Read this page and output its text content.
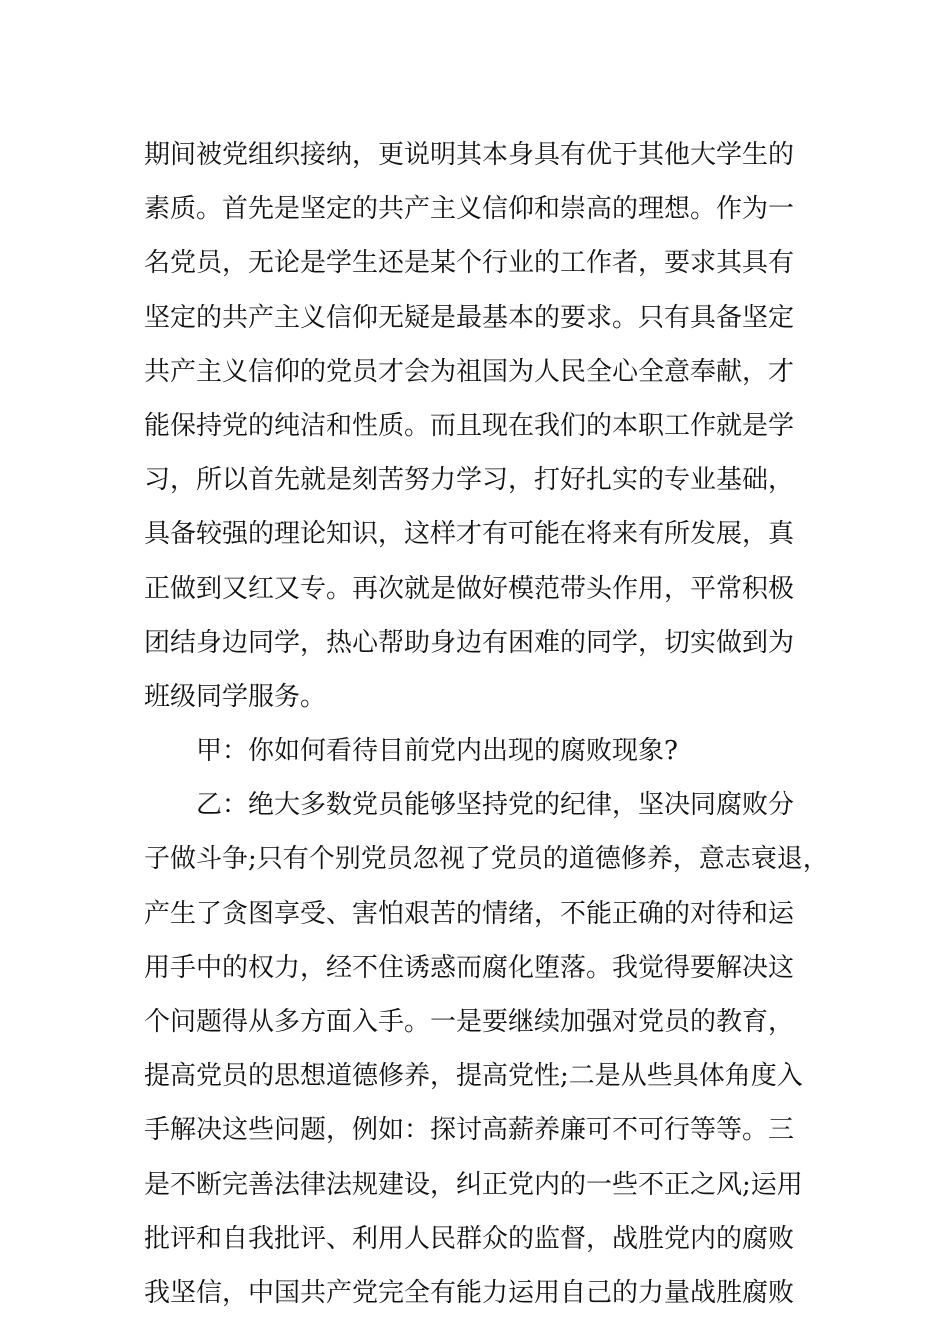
期间被党组织接纳，更说明其本身具有优于其他大学生的
素质。首先是坚定的共产主义信仰和崇高的理想。作为一
名党员，无论是学生还是某个行业的工作者，要求其具有
坚定的共产主义信仰无疑是最基本的要求。只有具备坚定
共产主义信仰的党员才会为祖国为人民全心全意奉献，才
能保持党的纯洁和性质。而且现在我们的本职工作就是学
习，所以首先就是刻苦努力学习，打好扎实的专业基础，
具备较强的理论知识，这样才有可能在将来有所发展，真
正做到又红又专。再次就是做好模范带头作用，平常积极
团结身边同学，热心帮助身边有困难的同学，切实做到为
班级同学服务。
甲：你如何看待目前党内出现的腐败现象?
乙：绝大多数党员能够坚持党的纪律，坚决同腐败分
子做斗争;只有个别党员忽视了党员的道德修养，意志衰退，
产生了贪图享受、害怕艰苦的情绪，不能正确的对待和运
用手中的权力，经不住诱惑而腐化堕落。我觉得要解决这
个问题得从多方面入手。一是要继续加强对党员的教育，
提高党员的思想道德修养，提高党性;二是从些具体角度入
手解决这些问题，例如：探讨高薪养廉可不可行等等。三
是不断完善法律法规建设，纠正党内的一些不正之风;运用
批评和自我批评、利用人民群众的监督，战胜党内的腐败
我坚信，中国共产党完全有能力运用自己的力量战胜腐败
